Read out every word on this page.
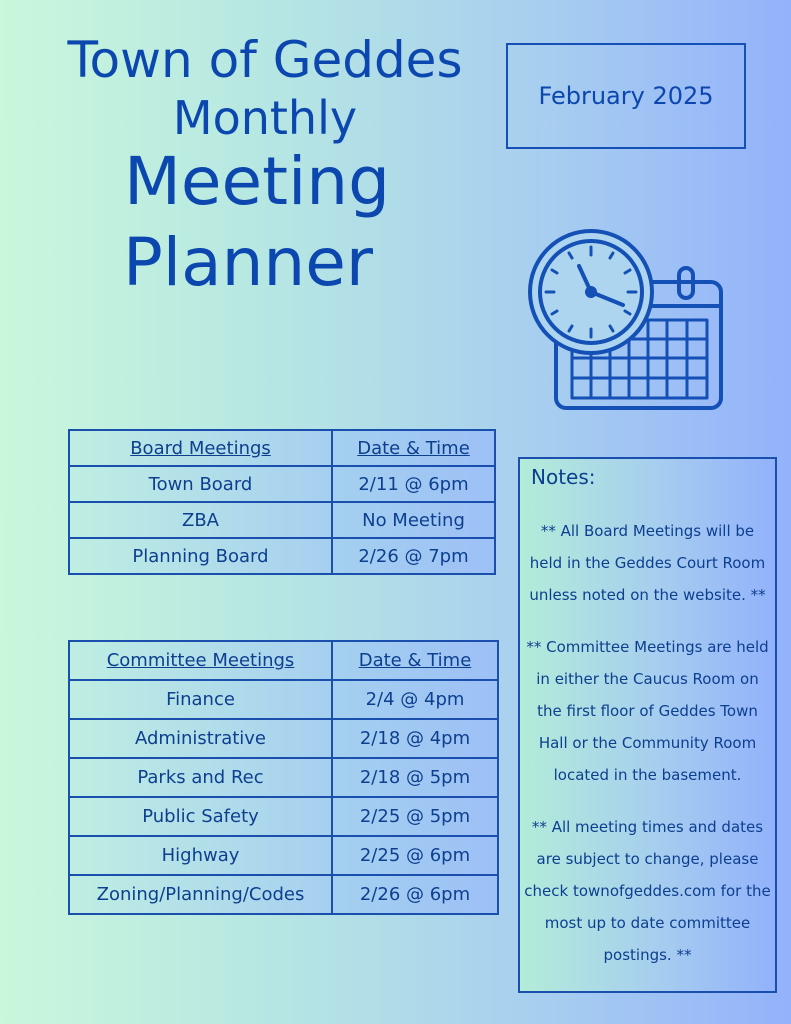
Town of Geddes
Monthly
Meeting
Planner
February 2025
Board Meetings	Date & Time
Town Board	2/11 @ 6pm
ZBA	No Meeting
Planning Board	2/26 @ 7pm
Committee Meetings	Date & Time
Finance	2/4 @ 4pm
Administrative	2/18 @ 4pm
Parks and Rec	2/18 @ 5pm
Public Safety	2/25 @ 5pm
Highway	2/25 @ 6pm
Zoning/Planning/Codes	2/26 @ 6pm
Notes:

** All Board Meetings will be held in the Geddes Court Room unless noted on the website. **

** Committee Meetings are held in either the Caucus Room on the first floor of Geddes Town Hall or the Community Room located in the basement.

** All meeting times and dates are subject to change, please check townofgeddes.com for the most up to date committee postings. **
